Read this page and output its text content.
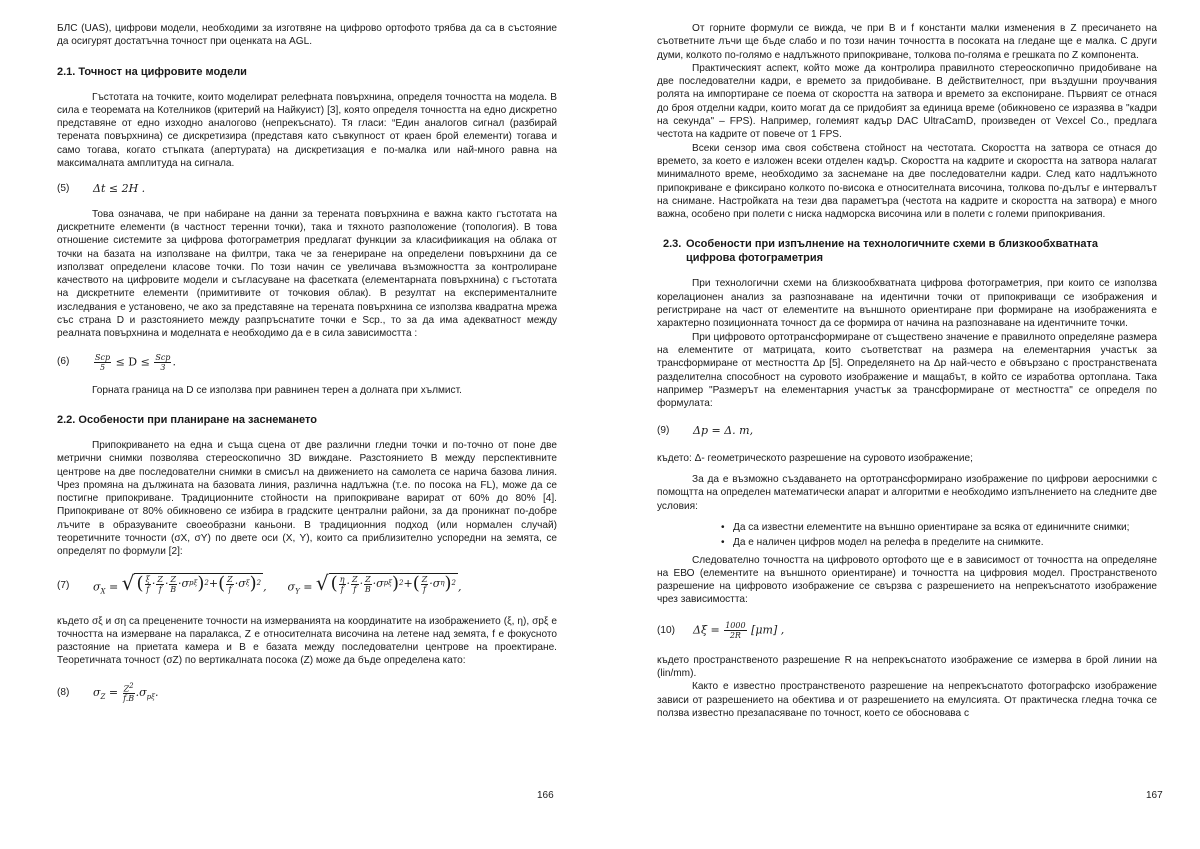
БЛС (UAS), цифрови модели, необходими за изготвяне на цифрово ортофото трябва да са в състояние да осигурят достатъчна точност при оценката на AGL.

2.1. Точност на цифровите модели

Гъстотата на точките, които моделират релефната повърхнина, определя точността на модела. В сила е теоремата на Котелников (критерий на Найкуист) [3], която определя точността на едно дискретно представяне от едно изходно аналогово (непрекъснато). Тя гласи: “Един аналогов сигнал (разбирай терената повърхнина) се дискретизира (представя като съвкупност от краен брой елементи) тогава и само тогава, когато стъпката (апертурата) на дискретизация е по-малка или най-много равна на максималната амплитуда на сигнала.

(5)	Δt ≤ 2H .

Това означава, че при набиране на данни за терената повърхнина е важна както гъстотата на дискретните елементи (в частност теренни точки), така и тяхното разположение (топология). В това отношение системите за цифрова фотограметрия предлагат функции за класифиикация на облака от точки на базата на използване на филтри, така че за генериране на определени повърхнини да се използват определени класове точки. По този начин се увеличава възможността за контролиране качеството на цифровите модели и съгласуване на фасетката (елементарната повърхнина) с гъстотата на дискретните елементи (примитивите от точковия облак). В резултат на експерименталните изследвания е установено, че ако за представяне на терената повърхнина се използва квадратна мрежа със страна D и разстоянието между разпръснатите точки е Scp., то за да има адекватност между реалната повърхнина и моделната е необходимо да е в сила зависимостта :

(6)	$\frac{\text{Scp}}{5} \le D \le \frac{\text{Scp}}{3}$ .

Горната граница на D се използва при равнинен терен а долната при хълмист.

2.2. Особености при планиране на заснемането

Припокриването на една и съща сцена от две различни гледни точки и по-точно от поне две метрични снимки позволява стереоскопично 3D виждане. Разстоянието B между перспективните центрове на две последователни снимки в смисъл на движението на самолета се нарича базова линия. Чрез промяна на дължината на базовата линия, различна надлъжна (т.е. по посока на FL), може да се постигне припокриване. Традиционните стойности на припокриване варират от 60% до 80% [4]. Припокриване от 80% обикновено се избира в градските централни райони, за да проникнат по-добре лъчите в образуваните своеобразни каньони. В традиционния подход (или нормален случай) теоретичните точности (σX, σY) по двете оси (X, Y), които са приблизително успоредни на земята, се определят по формули [2]:

(7)	$\sigma_X$ = √ ( $\frac{\xi}{f} \cdot \frac{Z}{f} \cdot \frac{Z}{B} \cdot\sigma$ pξ ) 2 + ( $\frac{Z}{f} \cdot\sigma$ ξ ) 2 ,      $\sigma_Y$ = √ ( $\frac{\eta}{f} \cdot \frac{Z}{f} \cdot \frac{Z}{B} \cdot\sigma$ pξ ) 2 + ( $\frac{Z}{f} \cdot\sigma$ η ) 2 ,

където σξ и ση са преценените точности на измерванията на координатите на изображението (ξ, η), σpξ е точността на измерване на паралакса, Z е относителната височина на летене над земята, f е фокусното разстояние на приетата камера и B е базата между последователни центрове на проектиране. Теоретичната точност (σZ) по вертикалната посока (Z) може да бъде определена като:

(8)	$\sigma_Z = \frac{Z^2}{f.B} .\sigma_{p\xi}$.
166

От горните формули се вижда, че при B и f константи малки изменения в Z пресичането на съответните лъчи ще бъде слабо и по този начин точността в посоката на гледане ще е малка. С други думи, колкото по-голямо е надлъжното припокриване, толкова по-голяма е грешката по Z компонента.

Практическият аспект, който може да контролира правилното стереоскопично придобиване на две последователни кадри, е времето за придобиване. В действителност, при въздушни проучвания ролята на импортиране се поема от скоростта на затвора и времето за експониране. Първият се отнася до броя отделни кадри, които могат да се придобият за единица време (обикновено се изразява в "кадри на секунда" – FPS). Например, големият кадър DAC UltraCamD, произведен от Vexcel Co., предлага честота на кадрите от повече от 1 FPS.

Всеки сензор има своя собствена стойност на честотата. Скоростта на затвора се отнася до времето, за което е изложен всеки отделен кадър. Скоростта на кадрите и скоростта на затвора налагат минималното време, необходимо за заснемане на две последователни кадри. След като надлъжното припокриване е фиксирано колкото по-висока е относителната височина, толкова по-дълъг е интервалът на снимане. Настройката на тези два параметъра (честота на кадрите и скоростта на затвора) е много важна, особено при полети с ниска надморска височина или в полети с големи припокривания.

2.3. Особености при изпълнение на технологичните схеми в близкообхватната
цифрова фотограметрия

При технологични схеми на близкообхватната цифрова фотограметрия, при които се използва корелационен анализ за разпознаване на идентични точки от припокриващи се изображения и регистриране на част от елементите на външното ориентиране при формиране на изображенията е характерно позиционната точност да се формира от начина на разпознаване на идентичните точки.

При цифровото ортотрансформиране от съществено значение е правилното определяне размера на елементите от матрицата, които съответстват на размера на елементарния участък за трансформиране от местността Δp [5]. Определянето на Δp най-често е обвързано с пространствената разделителна способност на суровото изображение и мащабът, в който се изработва ортоплана. Така например "Размерът на елементарния участък за трансформиране от местността" се определя по формулата:

(9)	Δp = Δ. m,

където: Δ- геометрическото разрешение на суровото изображение;

За да е възможно създаването на ортотрансформирано изображение по цифрови аероснимки с помощтта на определен математически апарат и алгоритми е необходимо изпълнението на следните две условия:

• Да са известни елементите на външно ориентиране за всяка от единичните снимки;
• Да е наличен цифров модел на релефа в пределите на снимките.

Следователно точността на цифровото ортофото ще е в зависимост от точността на определяне на ЕВО (елементите на външното ориентиране) и точността на цифровия модел. Пространственото разрешение на цифровото изображение се свързва с разрешението на непрекъснатото изображение чрез зависимостта:

(10)	$\Delta\xi = \frac{1000}{2R} [\mu m]$ ,

където пространственото разрешение R на непрекъснатото изображение се измерва в брой линии на (lin/mm).

Както е известно пространственото разрешение на непрекъснатото фотографско изображение зависи от разрешението на обектива и от разрешението на емулсията. От практическа гледна точка се ползва известно презапасяване по точност, което се обосновава с

167
